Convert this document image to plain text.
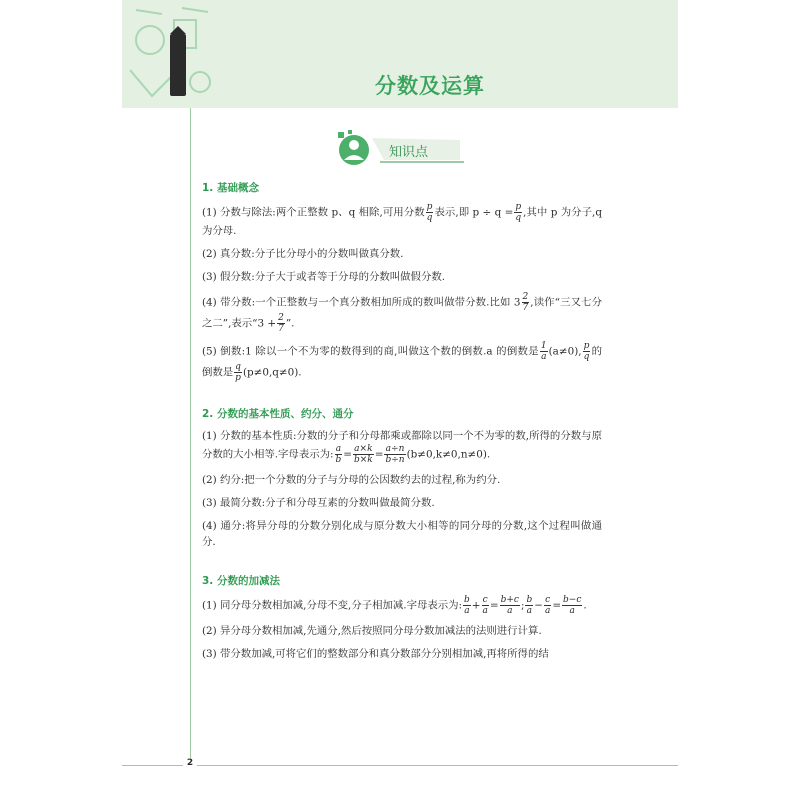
分数及运算
知识点
1. 基础概念

(1) 分数与除法:两个正整数 p、q 相除,可用分数 $\frac{p}{q}$ 表示,即 $p \div q = \frac{p}{q}$ ,其中 p 为分子,q 为分母.

(2) 真分数:分子比分母小的分数叫做真分数.

(3) 假分数:分子大于或者等于分母的分数叫做假分数.

(4) 带分数:一个正整数与一个真分数相加所成的数叫做带分数.比如 $3 \frac{2}{7}$ ,读作“三又七分之二”,表示“$3 + \frac{2}{7}$ ”.

(5) 倒数:1 除以一个不为零的数得到的商,叫做这个数的倒数.a 的倒数是 $\frac{1}{a} (a\ne 0)$, $\frac{p}{q}$ 的倒数是 $\frac{q}{p} (p\ne 0,q\ne 0)$.

2. 分数的基本性质、约分、通分

(1) 分数的基本性质:分数的分子和分母都乘或都除以同一个不为零的数,所得的分数与原分数的大小相等.字母表示为: $\frac{a}{b} = \frac{a\times k}{b\times k} = \frac{a\div n}{b\div n} (b\ne 0,k\ne 0,n\ne 0)$.

(2) 约分:把一个分数的分子与分母的公因数约去的过程,称为约分.

(3) 最简分数:分子和分母互素的分数叫做最简分数.

(4) 通分:将异分母的分数分别化成与原分数大小相等的同分母的分数,这个过程叫做通分.

3. 分数的加减法

(1) 同分母分数相加减,分母不变,分子相加减.字母表示为: $\frac{b}{a} + \frac{c}{a} = \frac{b+c}{a}$ ; $\frac{b}{a} - \frac{c}{a} = \frac{b-c}{a}$ .

(2) 异分母分数相加减,先通分,然后按照同分母分数加减法的法则进行计算.

(3) 带分数加减,可将它们的整数部分和真分数部分分别相加减,再将所得的结

2
